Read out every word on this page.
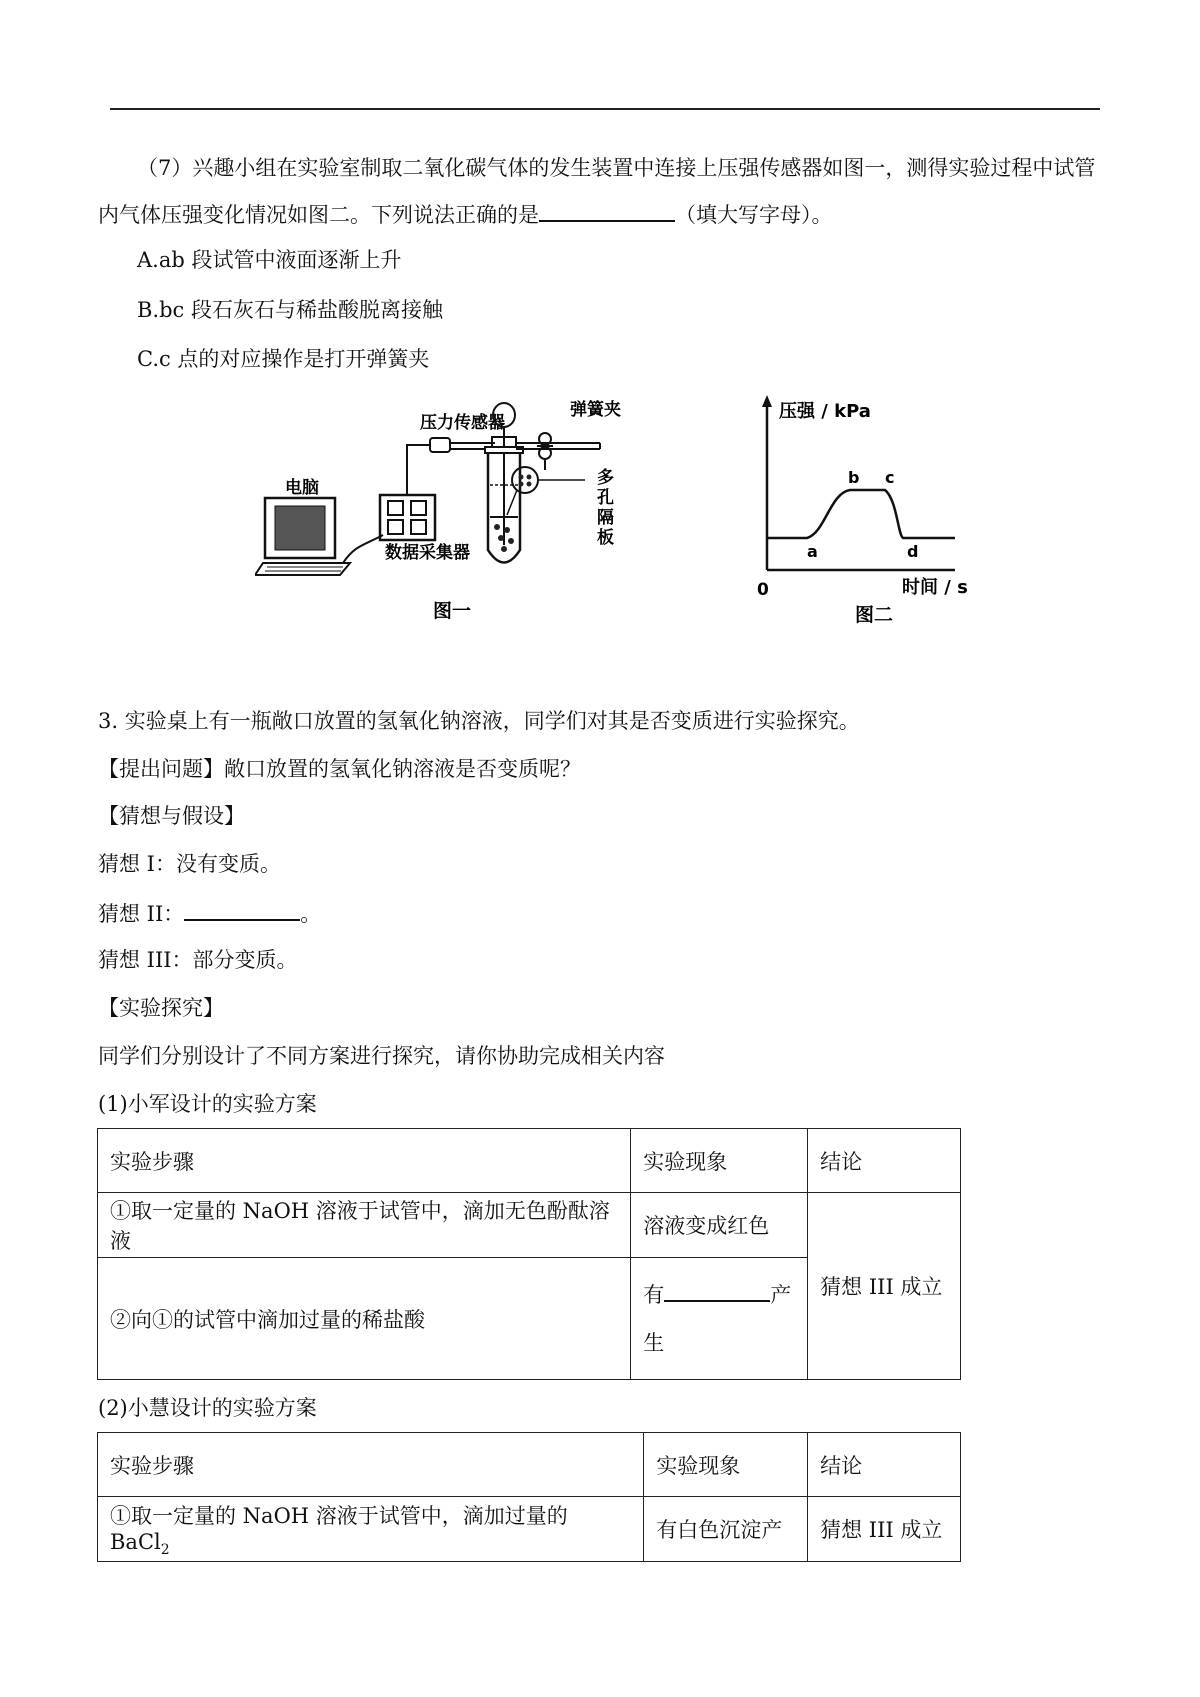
（7）兴趣小组在实验室制取二氧化碳气体的发生装置中连接上压强传感器如图一，测得实验过程中试管
内气体压强变化情况如图二。下列说法正确的是	（填大写字母）。
A.ab 段试管中液面逐渐上升
B.bc 段石灰石与稀盐酸脱离接触
C.c 点的对应操作是打开弹簧夹
压力传感器
弹簧夹
电脑
数据采集器
多
孔
隔
板
图一
压强 / kPa
时间 / s
0
a
b c
d
图二
3. 实验桌上有一瓶敞口放置的氢氧化钠溶液，同学们对其是否变质进行实验探究。
【提出问题】敞口放置的氢氧化钠溶液是否变质呢？
【猜想与假设】
猜想 I：没有变质。
猜想 II：	。
猜想 III：部分变质。
【实验探究】
同学们分别设计了不同方案进行探究，请你协助完成相关内容
(1)小军设计的实验方案
实验步骤	实验现象	结论
①取一定量的 NaOH 溶液于试管中，滴加无色酚酞溶液	溶液变成红色	猜想 III 成立
②向①的试管中滴加过量的稀盐酸	有 产
生	
(2)小慧设计的实验方案
实验步骤	实验现象	结论
①取一定量的 NaOH 溶液于试管中，滴加过量的 BaCl$_2$	有白色沉淀产	猜想 III 成立
